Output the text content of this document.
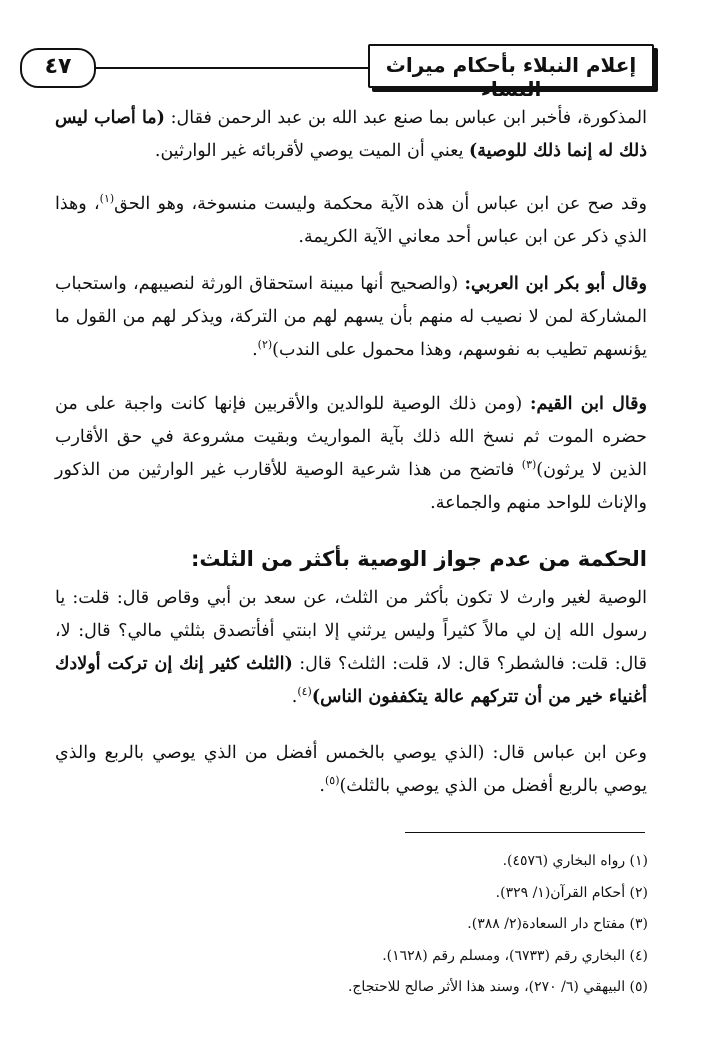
إعلام النبلاء بأحكام ميراث النساء
٤٧

المذكورة، فأخبر ابن عباس بما صنع عبد الله بن عبد الرحمن فقال: (ما أصاب ليس ذلك له إنما ذلك للوصية) يعني أن الميت يوصي لأقربائه غير الوارثين.

وقد صح عن ابن عباس أن هذه الآية محكمة وليست منسوخة، وهو الحق$^{(١)}$، وهذا الذي ذكر عن ابن عباس أحد معاني الآية الكريمة.

وقال أبو بكر ابن العربي: (والصحيح أنها مبينة استحقاق الورثة لنصيبهم، واستحباب المشاركة لمن لا نصيب له منهم بأن يسهم لهم من التركة، ويذكر لهم من القول ما يؤنسهم تطيب به نفوسهم، وهذا محمول على الندب)$^{(٢)}$.

وقال ابن القيم: (ومن ذلك الوصية للوالدين والأقربين فإنها كانت واجبة على من حضره الموت ثم نسخ الله ذلك بآية المواريث وبقيت مشروعة في حق الأقارب الذين لا يرثون)$^{(٣)}$ فاتضح من هذا شرعية الوصية للأقارب غير الوارثين من الذكور والإناث للواحد منهم والجماعة.

الحكمة من عدم جواز الوصية بأكثر من الثلث:

الوصية لغير وارث لا تكون بأكثر من الثلث، عن سعد بن أبي وقاص قال: قلت: يا رسول الله إن لي مالاً كثيراً وليس يرثني إلا ابنتي أفأتصدق بثلثي مالي؟ قال: لا، قال: قلت: فالشطر؟ قال: لا، قلت: الثلث؟ قال: (الثلث كثير إنك إن تركت أولادك أغنياء خير من أن تتركهم عالة يتكففون الناس)$^{(٤)}$.

وعن ابن عباس قال: (الذي يوصي بالخمس أفضل من الذي يوصي بالربع والذي يوصي بالربع أفضل من الذي يوصي بالثلث)$^{(٥)}$.

(١) رواه البخاري (٤٥٧٦).
(٢) أحكام القرآن(١/ ٣٢٩).
(٣) مفتاح دار السعادة(٢/ ٣٨٨).
(٤) البخاري رقم (٦٧٣٣)، ومسلم رقم (١٦٢٨).
(٥) البيهقي (٦/ ٢٧٠)، وسند هذا الأثر صالح للاحتجاج.
